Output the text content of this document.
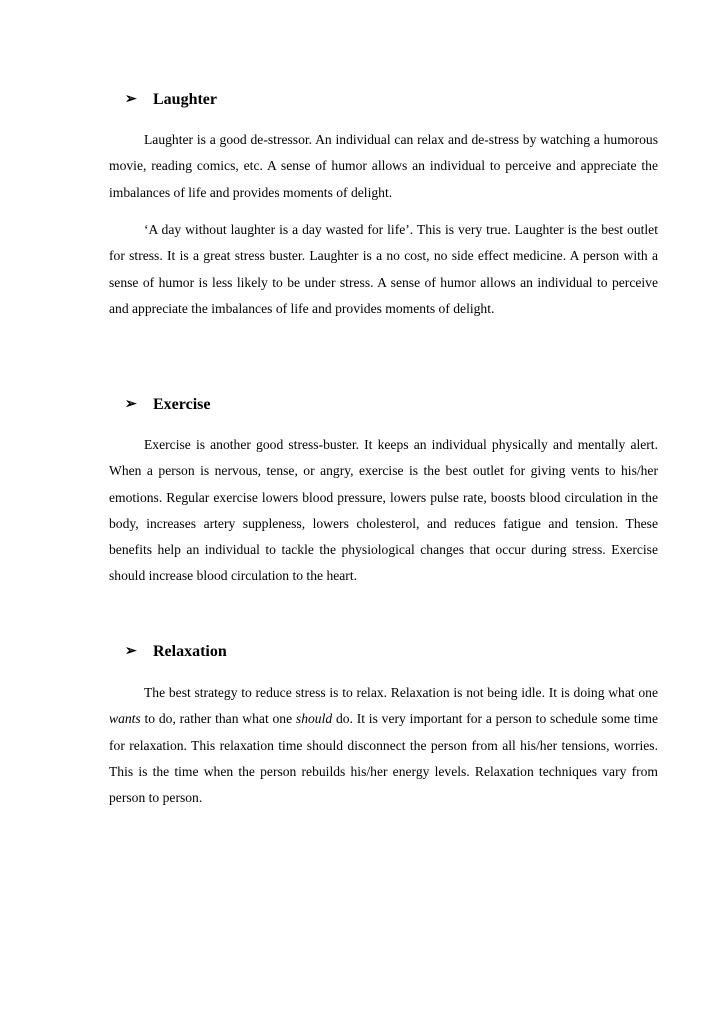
➢	Laughter

Laughter is a good de-stressor. An individual can relax and de-stress by watching a humorous movie, reading comics, etc. A sense of humor allows an individual to perceive and appreciate the imbalances of life and provides moments of delight.

‘A day without laughter is a day wasted for life’. This is very true. Laughter is the best outlet for stress. It is a great stress buster. Laughter is a no cost, no side effect medicine. A person with a sense of humor is less likely to be under stress. A sense of humor allows an individual to perceive and appreciate the imbalances of life and provides moments of delight.

➢	Exercise

Exercise is another good stress-buster. It keeps an individual physically and mentally alert. When a person is nervous, tense, or angry, exercise is the best outlet for giving vents to his/her emotions. Regular exercise lowers blood pressure, lowers pulse rate, boosts blood circulation in the body, increases artery suppleness, lowers cholesterol, and reduces fatigue and tension. These benefits help an individual to tackle the physiological changes that occur during stress. Exercise should increase blood circulation to the heart.

➢	Relaxation

The best strategy to reduce stress is to relax. Relaxation is not being idle. It is doing what one wants to do, rather than what one should do. It is very important for a person to schedule some time for relaxation. This relaxation time should disconnect the person from all his/her tensions, worries. This is the time when the person rebuilds his/her energy levels. Relaxation techniques vary from person to person.
